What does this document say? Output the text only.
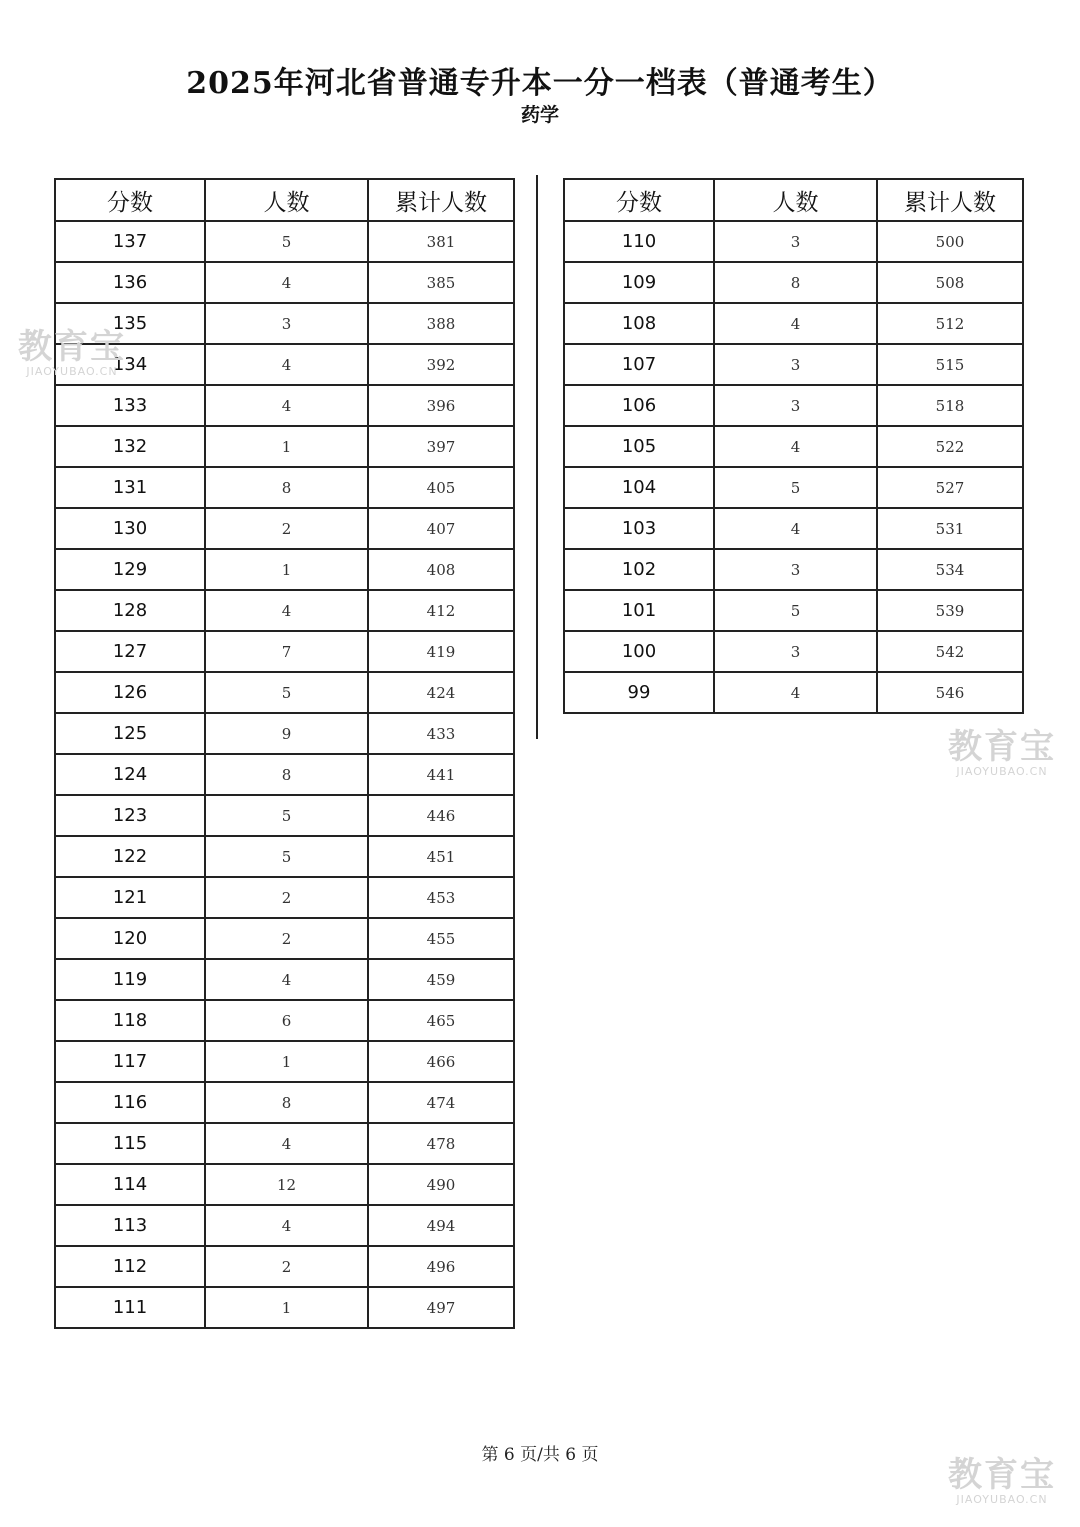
2025年河北省普通专升本一分一档表（普通考生）
药学
分数	人数	累计人数
137	5	381
136	4	385
135	3	388
134	4	392
133	4	396
132	1	397
131	8	405
130	2	407
129	1	408
128	4	412
127	7	419
126	5	424
125	9	433
124	8	441
123	5	446
122	5	451
121	2	453
120	2	455
119	4	459
118	6	465
117	1	466
116	8	474
115	4	478
114	12	490
113	4	494
112	2	496
111	1	497
分数	人数	累计人数
110	3	500
109	8	508
108	4	512
107	3	515
106	3	518
105	4	522
104	5	527
103	4	531
102	3	534
101	5	539
100	3	542
99	4	546
第 6 页/共 6 页
教育宝
JIAOYUBAO.CN
教育宝
JIAOYUBAO.CN
教育宝
JIAOYUBAO.CN
